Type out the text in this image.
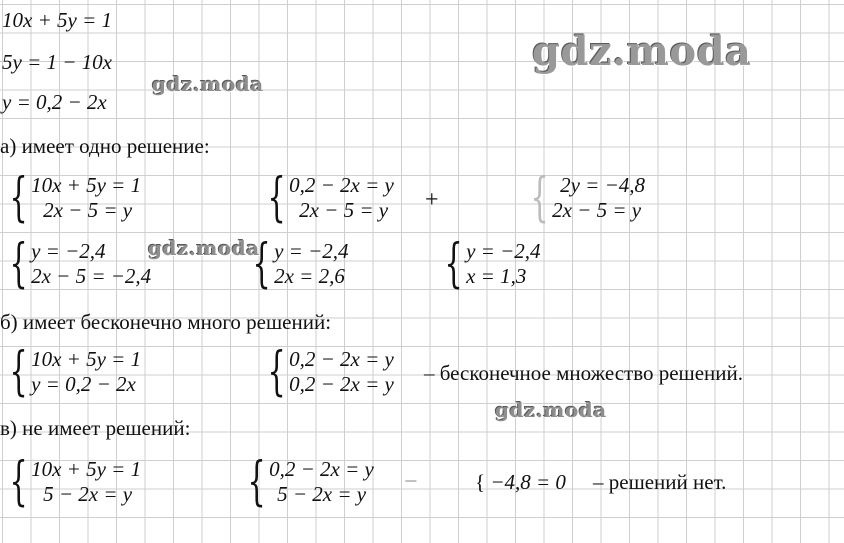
10x + 5y = 1
5y = 1 − 10x
y = 0,2 − 2x
а) имеет одно решение:
{ 10x + 5y = 1
2x − 5 = y	{ 0,2 − 2x = y
2x − 5 = y + { 2y = −4,8
2x − 5 = y
{ y = −2,4
2x − 5 = −2,4 { y = −2,4
2x = 2,6 { y = −2,4
x = 1,3
б) имеет бесконечно много решений:
{ 10x + 5y = 1
y = 0,2 − 2x	{ 0,2 − 2x = y
0,2 − 2x = y – бесконечное множество решений.
в) не имеет решений:
{ 10x + 5y = 1
5 − 2x = y { 0,2 − 2x = y
5 − 2x = y	−	{ −4,8 = 0 – решений нет.
gdz.moda
gdz.moda
gdz.moda
gdz.moda
